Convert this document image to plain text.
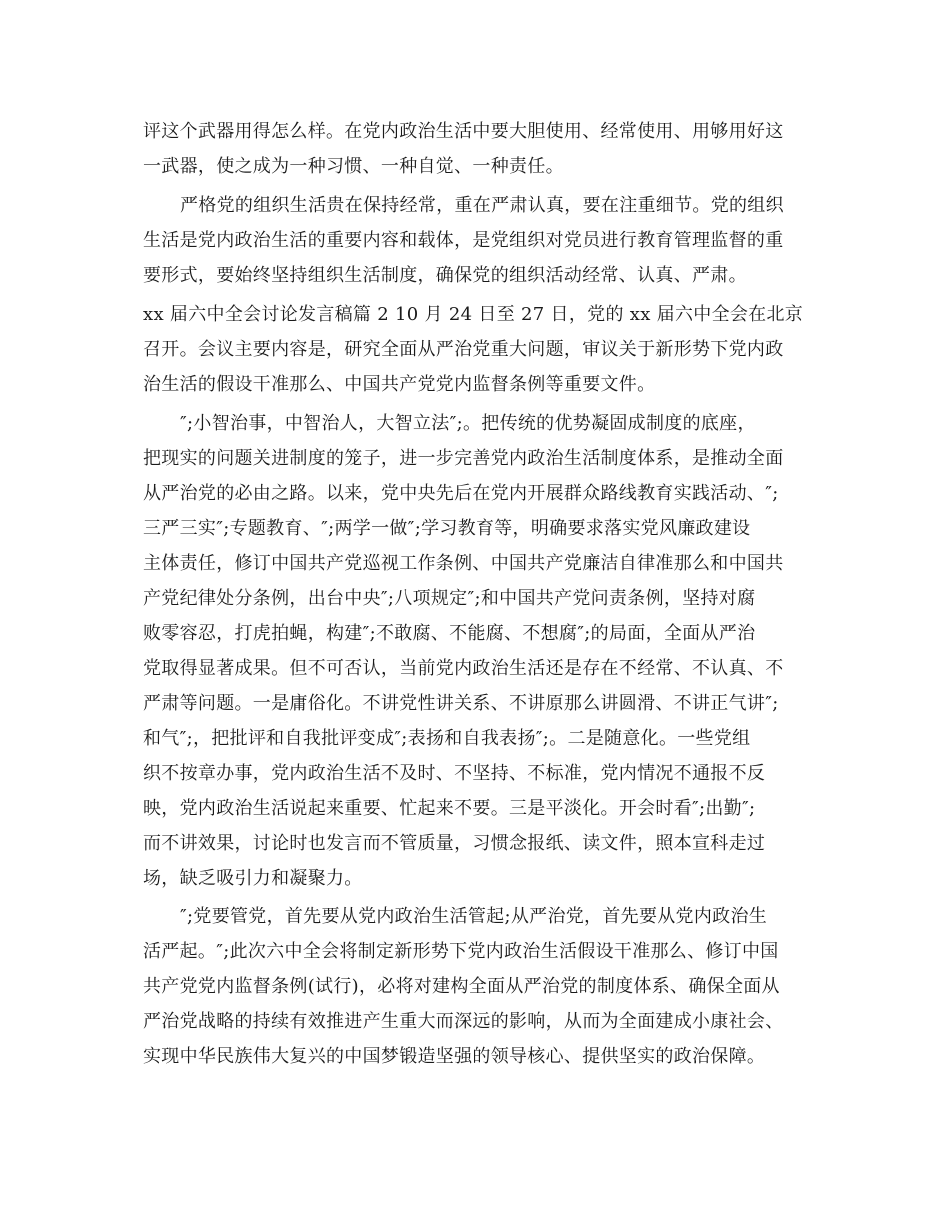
评这个武器用得怎么样。在党内政治生活中要大胆使用、经常使用、用够用好这

一武器，使之成为一种习惯、一种自觉、一种责任。

严格党的组织生活贵在保持经常，重在严肃认真，要在注重细节。党的组织

生活是党内政治生活的重要内容和载体，是党组织对党员进行教育管理监督的重

要形式，要始终坚持组织生活制度，确保党的组织活动经常、认真、严肃。

xx 届六中全会讨论发言稿篇 2 10 月 24 日至 27 日，党的 xx 届六中全会在北京

召开。会议主要内容是，研究全面从严治党重大问题，审议关于新形势下党内政

治生活的假设干准那么、中国共产党党内监督条例等重要文件。

″;小智治事，中智治人，大智立法″;。把传统的优势凝固成制度的底座，

把现实的问题关进制度的笼子，进一步完善党内政治生活制度体系，是推动全面

从严治党的必由之路。以来，党中央先后在党内开展群众路线教育实践活动、″;

三严三实″;专题教育、″;两学一做″;学习教育等，明确要求落实党风廉政建设

主体责任，修订中国共产党巡视工作条例、中国共产党廉洁自律准那么和中国共

产党纪律处分条例，出台中央″;八项规定″;和中国共产党问责条例，坚持对腐

败零容忍，打虎拍蝇，构建″;不敢腐、不能腐、不想腐″;的局面，全面从严治

党取得显著成果。但不可否认，当前党内政治生活还是存在不经常、不认真、不

严肃等问题。一是庸俗化。不讲党性讲关系、不讲原那么讲圆滑、不讲正气讲″;

和气″;，把批评和自我批评变成″;表扬和自我表扬″;。二是随意化。一些党组

织不按章办事，党内政治生活不及时、不坚持、不标准，党内情况不通报不反

映，党内政治生活说起来重要、忙起来不要。三是平淡化。开会时看″;出勤″;

而不讲效果，讨论时也发言而不管质量，习惯念报纸、读文件，照本宣科走过

场，缺乏吸引力和凝聚力。

″;党要管党，首先要从党内政治生活管起;从严治党，首先要从党内政治生

活严起。″;此次六中全会将制定新形势下党内政治生活假设干准那么、修订中国

共产党党内监督条例(试行)，必将对建构全面从严治党的制度体系、确保全面从

严治党战略的持续有效推进产生重大而深远的影响，从而为全面建成小康社会、

实现中华民族伟大复兴的中国梦锻造坚强的领导核心、提供坚实的政治保障。
